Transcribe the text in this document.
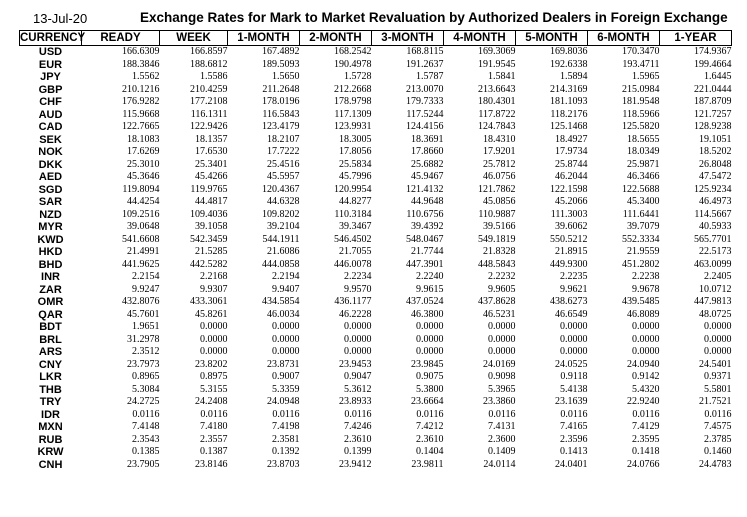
13-Jul-20	Exchange Rates for Mark to Market Revaluation by Authorized Dealers in Foreign Exchange
CURRENCY	READY	WEEK	1-MONTH	2-MONTH	3-MONTH	4-MONTH	5-MONTH	6-MONTH	1-YEAR
USD	166.6309	166.8597	167.4892	168.2542	168.8115	169.3069	169.8036	170.3470	174.9367
EUR	188.3846	188.6812	189.5093	190.4978	191.2637	191.9545	192.6338	193.4711	199.4664
JPY	1.5562	1.5586	1.5650	1.5728	1.5787	1.5841	1.5894	1.5965	1.6445
GBP	210.1216	210.4259	211.2648	212.2668	213.0070	213.6643	214.3169	215.0984	221.0444
CHF	176.9282	177.2108	178.0196	178.9798	179.7333	180.4301	181.1093	181.9548	187.8709
AUD	115.9668	116.1311	116.5843	117.1309	117.5244	117.8722	118.2176	118.5966	121.7257
CAD	122.7665	122.9426	123.4179	123.9931	124.4156	124.7843	125.1468	125.5820	128.9238
SEK	18.1083	18.1357	18.2107	18.3005	18.3691	18.4310	18.4927	18.5655	19.1051
NOK	17.6269	17.6530	17.7222	17.8056	17.8660	17.9201	17.9734	18.0349	18.5202
DKK	25.3010	25.3401	25.4516	25.5834	25.6882	25.7812	25.8744	25.9871	26.8048
AED	45.3646	45.4266	45.5957	45.7996	45.9467	46.0756	46.2044	46.3466	47.5472
SGD	119.8094	119.9765	120.4367	120.9954	121.4132	121.7862	122.1598	122.5688	125.9234
SAR	44.4254	44.4817	44.6328	44.8277	44.9648	45.0856	45.2066	45.3400	46.4973
NZD	109.2516	109.4036	109.8202	110.3184	110.6756	110.9887	111.3003	111.6441	114.5667
MYR	39.0648	39.1058	39.2104	39.3467	39.4392	39.5166	39.6062	39.7079	40.5933
KWD	541.6608	542.3459	544.1911	546.4502	548.0467	549.1819	550.5212	552.3334	565.7701
HKD	21.4991	21.5285	21.6086	21.7055	21.7744	21.8328	21.8915	21.9559	22.5173
BHD	441.9625	442.5282	444.0858	446.0078	447.3901	448.5843	449.9300	451.2802	463.0099
INR	2.2154	2.2168	2.2194	2.2234	2.2240	2.2232	2.2235	2.2238	2.2405
ZAR	9.9247	9.9307	9.9407	9.9570	9.9615	9.9605	9.9621	9.9678	10.0712
OMR	432.8076	433.3061	434.5854	436.1177	437.0524	437.8628	438.6273	439.5485	447.9813
QAR	45.7601	45.8261	46.0034	46.2228	46.3800	46.5231	46.6549	46.8089	48.0725
BDT	1.9651	0.0000	0.0000	0.0000	0.0000	0.0000	0.0000	0.0000	0.0000
BRL	31.2978	0.0000	0.0000	0.0000	0.0000	0.0000	0.0000	0.0000	0.0000
ARS	2.3512	0.0000	0.0000	0.0000	0.0000	0.0000	0.0000	0.0000	0.0000
CNY	23.7973	23.8202	23.8731	23.9453	23.9845	24.0169	24.0525	24.0940	24.5401
LKR	0.8965	0.8975	0.9007	0.9047	0.9075	0.9098	0.9118	0.9142	0.9371
THB	5.3084	5.3155	5.3359	5.3612	5.3800	5.3965	5.4138	5.4320	5.5801
TRY	24.2725	24.2408	24.0948	23.8933	23.6664	23.3860	23.1639	22.9240	21.7521
IDR	0.0116	0.0116	0.0116	0.0116	0.0116	0.0116	0.0116	0.0116	0.0116
MXN	7.4148	7.4180	7.4198	7.4246	7.4212	7.4131	7.4165	7.4129	7.4575
RUB	2.3543	2.3557	2.3581	2.3610	2.3610	2.3600	2.3596	2.3595	2.3785
KRW	0.1385	0.1387	0.1392	0.1399	0.1404	0.1409	0.1413	0.1418	0.1460
CNH	23.7905	23.8146	23.8703	23.9412	23.9811	24.0114	24.0401	24.0766	24.4783
